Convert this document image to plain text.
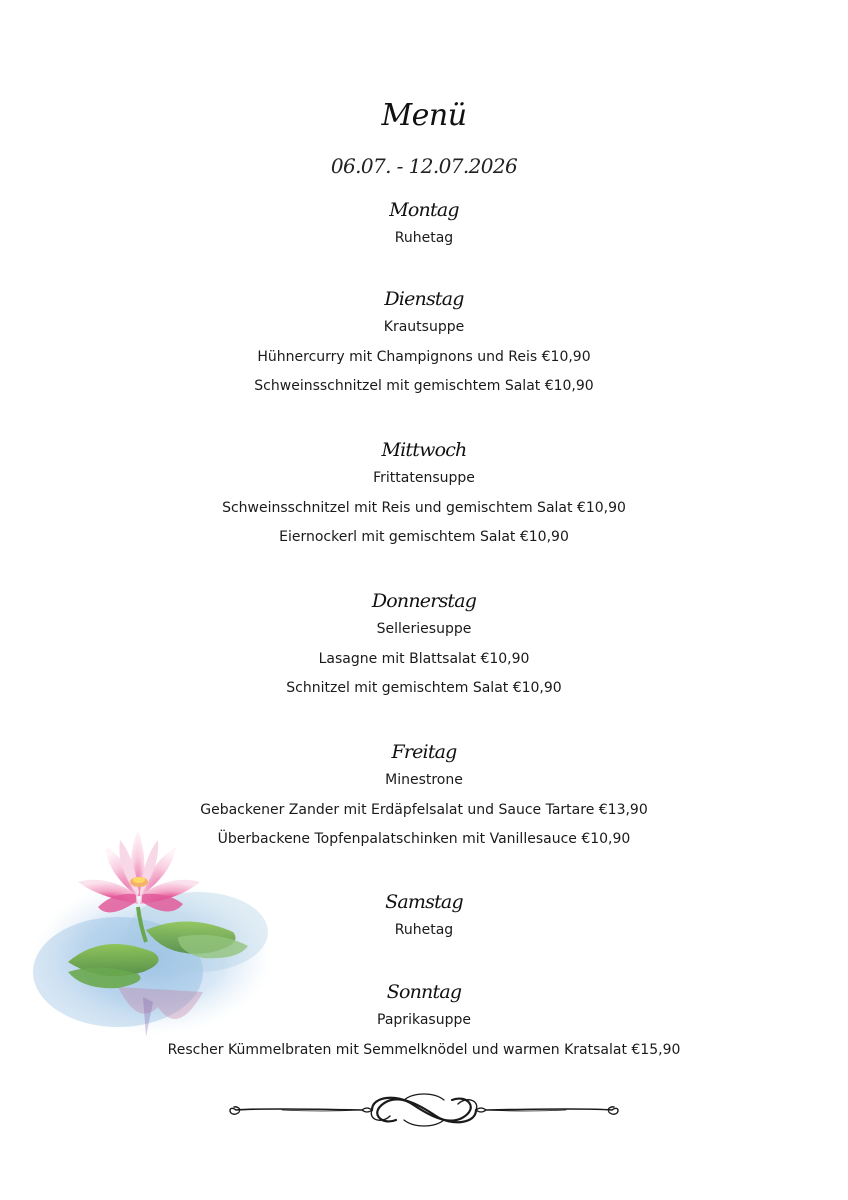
Menü
06.07. - 12.07.2026
Montag
Ruhetag
Dienstag
Krautsuppe
Hühnercurry mit Champignons und Reis €10,90
Schweinsschnitzel mit gemischtem Salat €10,90
Mittwoch
Frittatensuppe
Schweinsschnitzel mit Reis und gemischtem Salat €10,90
Eiernockerl mit gemischtem Salat €10,90
Donnerstag
Selleriesuppe
Lasagne mit Blattsalat €10,90
Schnitzel mit gemischtem Salat €10,90
Freitag
Minestrone
Gebackener Zander mit Erdäpfelsalat und Sauce Tartare €13,90
Überbackene Topfenpalatschinken mit Vanillesauce €10,90
Samstag
Ruhetag
Sonntag
Paprikasuppe
Rescher Kümmelbraten mit Semmelknödel und warmen Kratsalat €15,90
